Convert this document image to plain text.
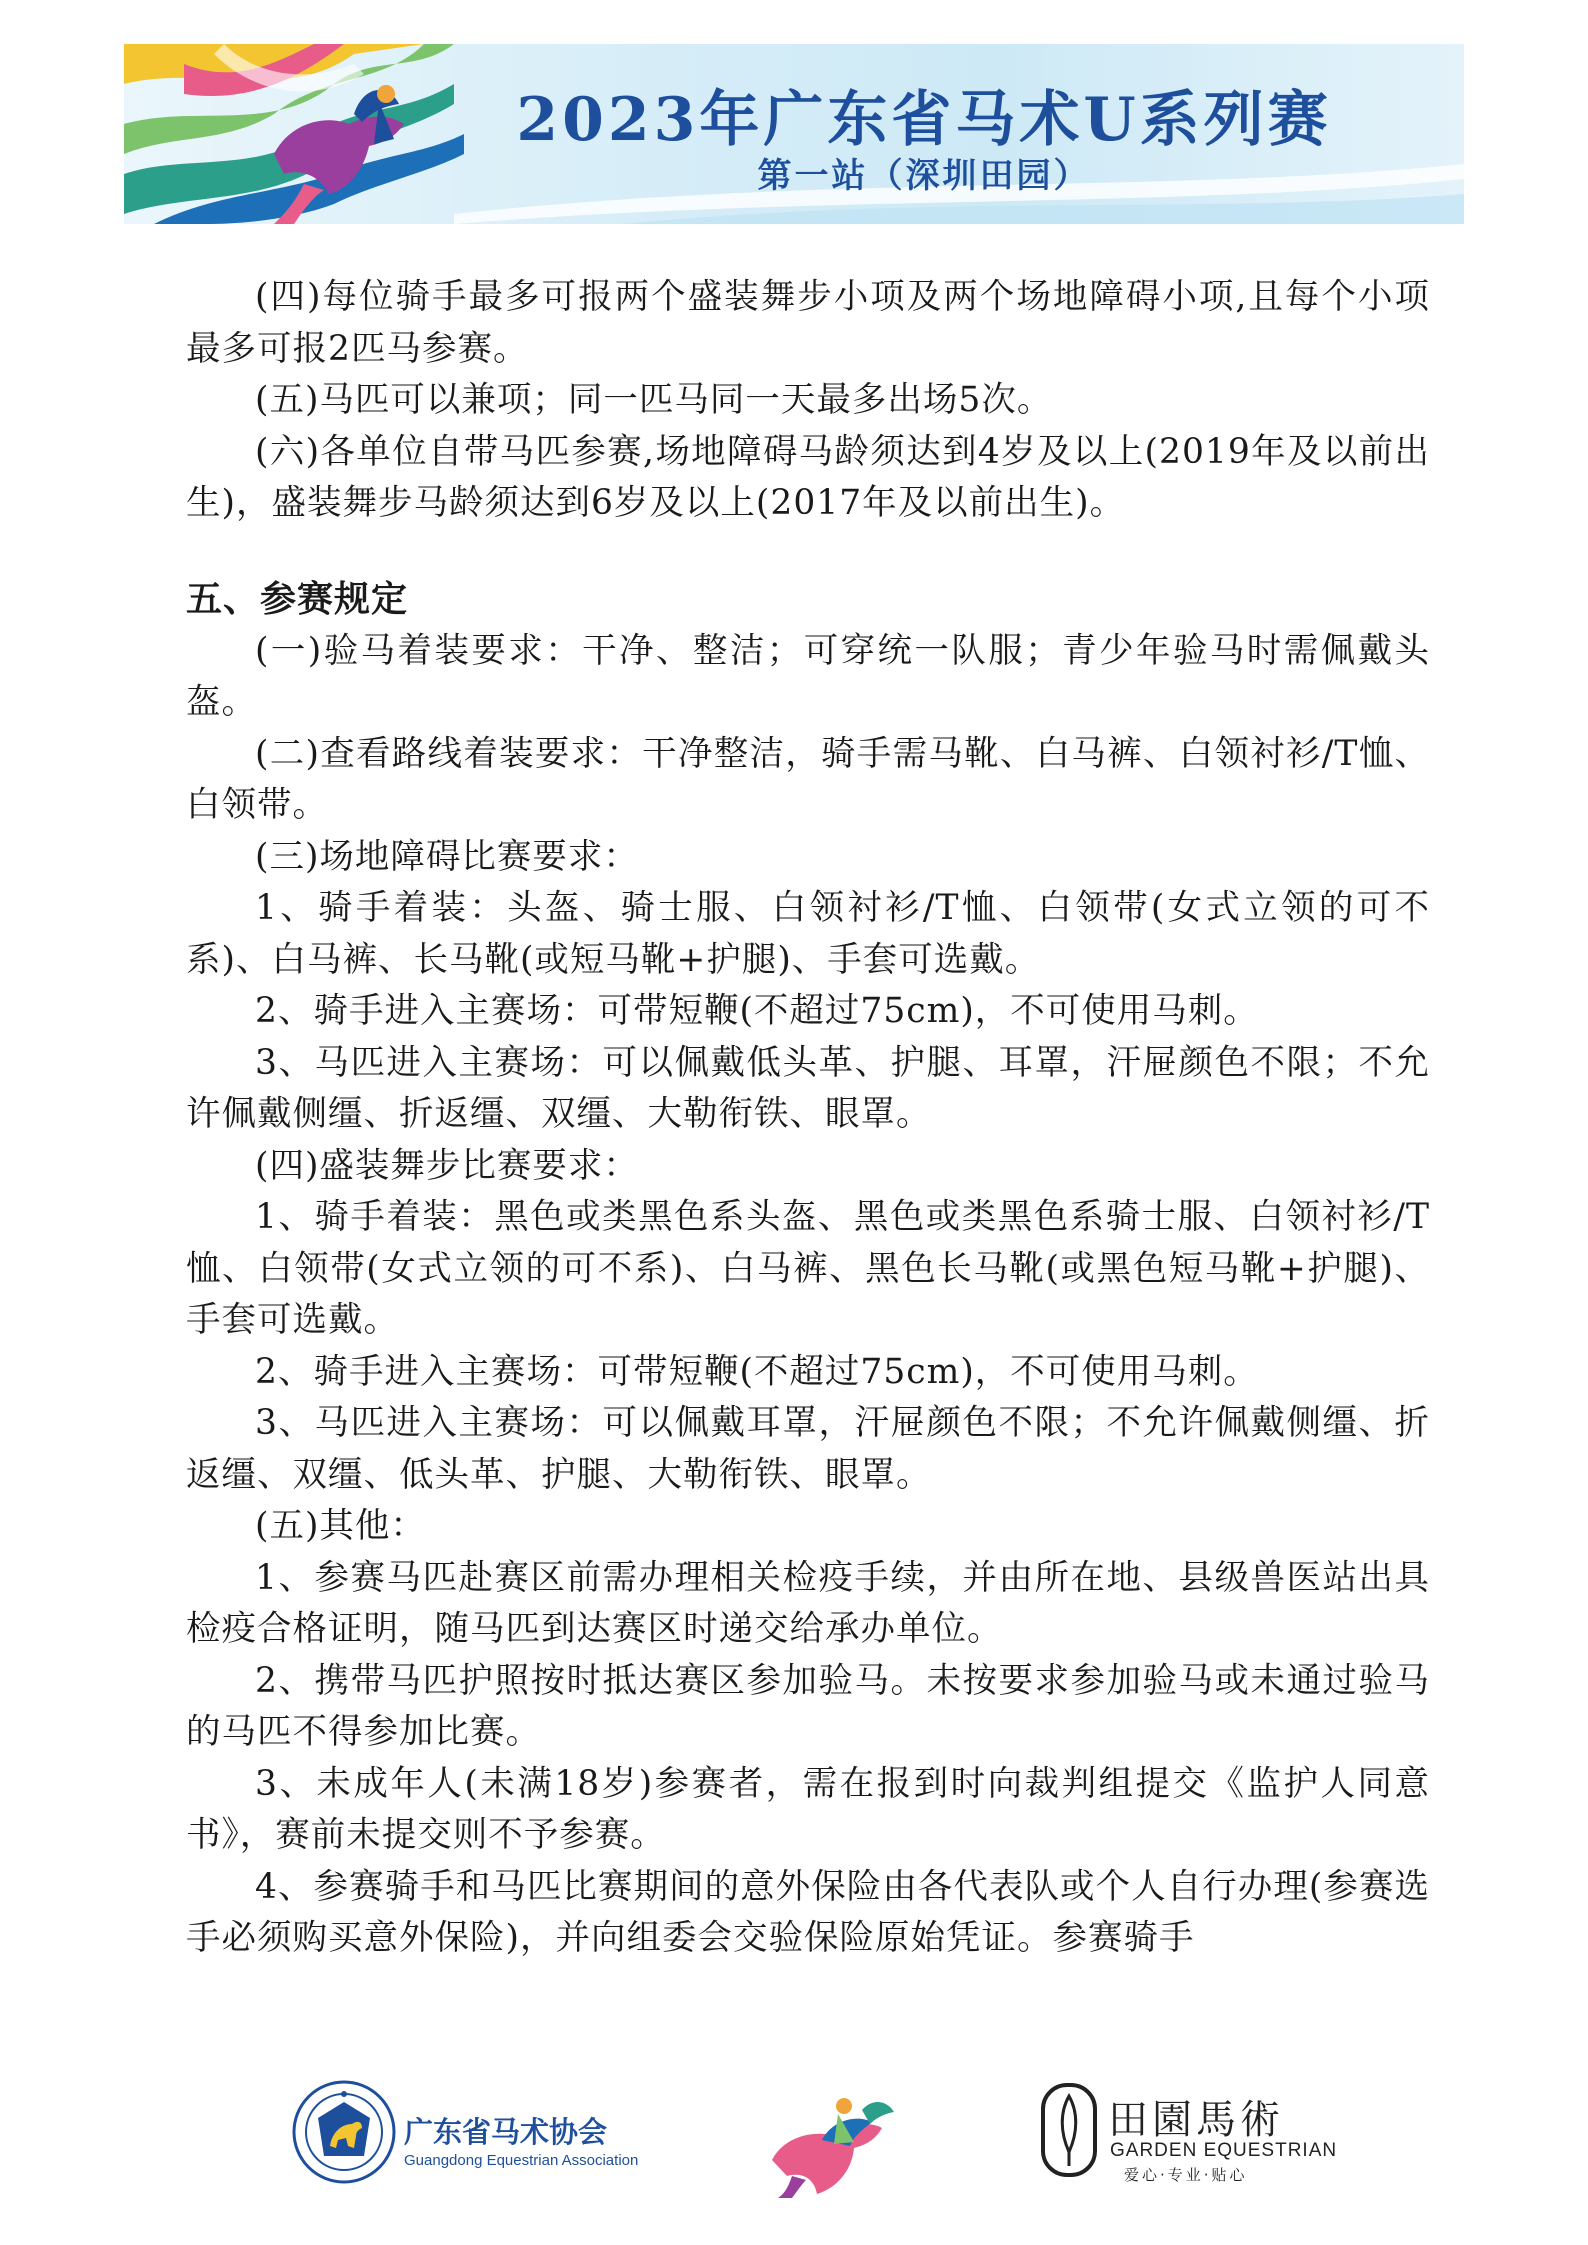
2023年广东省马术U系列赛
第一站（深圳田园）

(四)每位骑手最多可报两个盛装舞步小项及两个场地障碍小项,且每个小项最多可报2匹马参赛。

(五)马匹可以兼项；同一匹马同一天最多出场5次。

(六)各单位自带马匹参赛,场地障碍马龄须达到4岁及以上(2019年及以前出生)，盛装舞步马龄须达到6岁及以上(2017年及以前出生)。

五、参赛规定

(一)验马着装要求：干净、整洁；可穿统一队服；青少年验马时需佩戴头盔。

(二)查看路线着装要求：干净整洁，骑手需马靴、白马裤、白领衬衫/T恤、白领带。

(三)场地障碍比赛要求：

1、骑手着装：头盔、骑士服、白领衬衫/T恤、白领带(女式立领的可不系)、白马裤、长马靴(或短马靴+护腿)、手套可选戴。

2、骑手进入主赛场：可带短鞭(不超过75cm)，不可使用马刺。

3、马匹进入主赛场：可以佩戴低头革、护腿、耳罩，汗屉颜色不限；不允许佩戴侧缰、折返缰、双缰、大勒衔铁、眼罩。

(四)盛装舞步比赛要求：

1、骑手着装：黑色或类黑色系头盔、黑色或类黑色系骑士服、白领衬衫/T恤、白领带(女式立领的可不系)、白马裤、黑色长马靴(或黑色短马靴+护腿)、手套可选戴。

2、骑手进入主赛场：可带短鞭(不超过75cm)，不可使用马刺。

3、马匹进入主赛场：可以佩戴耳罩，汗屉颜色不限；不允许佩戴侧缰、折返缰、双缰、低头革、护腿、大勒衔铁、眼罩。

(五)其他：

1、参赛马匹赴赛区前需办理相关检疫手续，并由所在地、县级兽医站出具检疫合格证明，随马匹到达赛区时递交给承办单位。

2、携带马匹护照按时抵达赛区参加验马。未按要求参加验马或未通过验马的马匹不得参加比赛。

3、未成年人(未满18岁)参赛者，需在报到时向裁判组提交《监护人同意书》，赛前未提交则不予参赛。

4、参赛骑手和马匹比赛期间的意外保险由各代表队或个人自行办理(参赛选手必须购买意外保险)，并向组委会交验保险原始凭证。参赛骑手

广东省马术协会
Guangdong Equestrian Association
田園馬術
GARDEN EQUESTRIAN
爱心·专业·贴心
